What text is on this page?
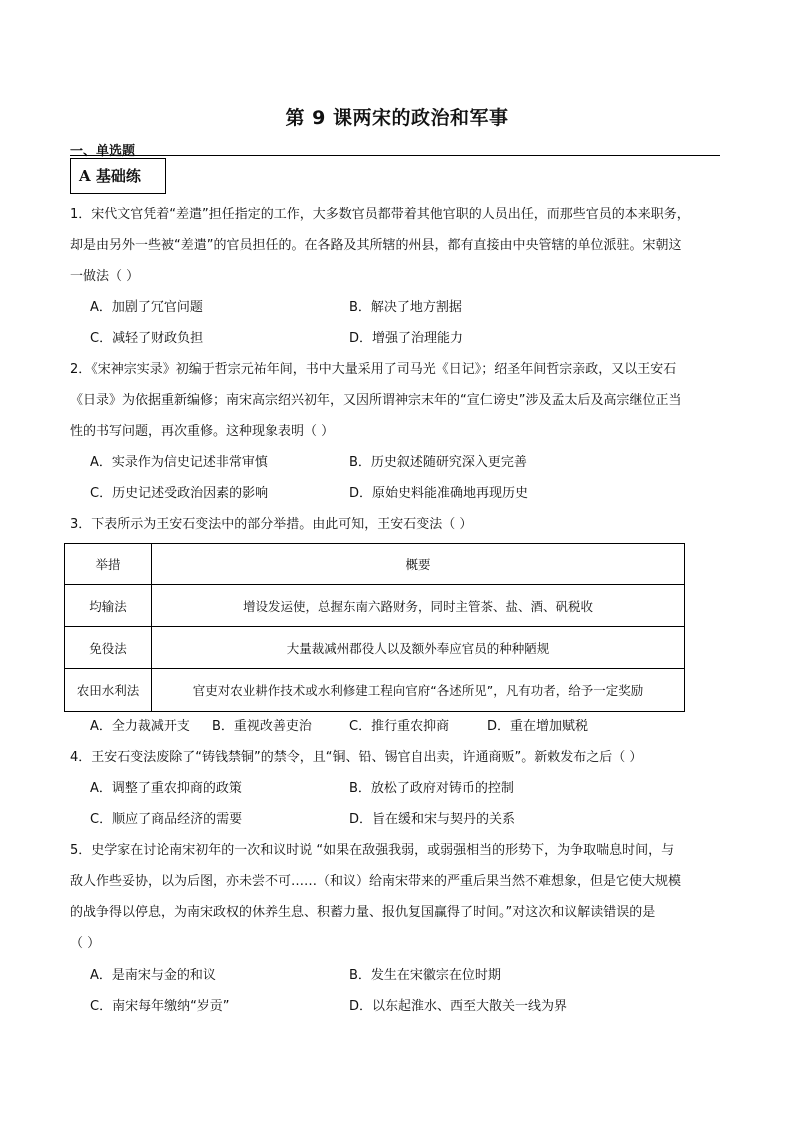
第 9 课两宋的政治和军事
一、单选题
A 基础练
1．宋代文官凭着“差遣”担任指定的工作，大多数官员都带着其他官职的人员出任，而那些官员的本来职务，
却是由另外一些被“差遣”的官员担任的。在各路及其所辖的州县，都有直接由中央管辖的单位派驻。宋朝这
一做法（ ）
A．加剧了冗官问题	B．解决了地方割据
C．减轻了财政负担	D．增强了治理能力
2．《宋神宗实录》初编于哲宗元祐年间，书中大量采用了司马光《日记》；绍圣年间哲宗亲政，又以王安石
《日录》为依据重新编修；南宋高宗绍兴初年，又因所谓神宗末年的“宣仁谤史”涉及孟太后及高宗继位正当
性的书写问题，再次重修。这种现象表明（ ）
A．实录作为信史记述非常审慎	B．历史叙述随研究深入更完善
C．历史记述受政治因素的影响	D．原始史料能准确地再现历史
3．下表所示为王安石变法中的部分举措。由此可知，王安石变法（ ）
举措	概要
均输法	增设发运使，总握东南六路财务，同时主管茶、盐、酒、矾税收
免役法	大量裁减州郡役人以及额外奉应官员的种种陋规
农田水利法	官吏对农业耕作技术或水利修建工程向官府“各述所见”，凡有功者，给予一定奖励
A．全力裁减开支 B．重视改善吏治	C．推行重农抑商	D．重在增加赋税
4．王安石变法废除了“铸钱禁铜”的禁令，且“铜、铅、锡官自出卖，许通商贩”。新敕发布之后（ ）
A．调整了重农抑商的政策	B．放松了政府对铸币的控制
C．顺应了商品经济的需要	D．旨在缓和宋与契丹的关系
5．史学家在讨论南宋初年的一次和议时说 “如果在敌强我弱，或弱强相当的形势下，为争取喘息时间，与
敌人作些妥协，以为后图，亦未尝不可……（和议）给南宋带来的严重后果当然不难想象，但是它使大规模
的战争得以停息，为南宋政权的休养生息、积蓄力量、报仇复国赢得了时间。”对这次和议解读错误的是
（ ）
A．是南宋与金的和议	B．发生在宋徽宗在位时期
C．南宋每年缴纳“岁贡”	D．以东起淮水、西至大散关一线为界
